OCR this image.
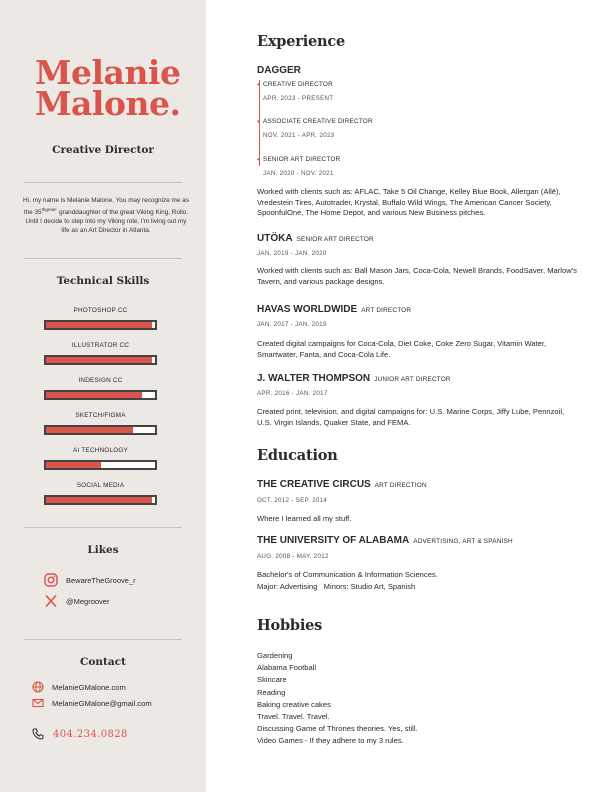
Melanie
Malone.
Creative Director
Hi, my name is Melanie Malone. You may recognize me as the $35^{thgreat-}$ granddaughter of the great Viking King, Rollo. Until I decide to step into my Viking role, I'm living out my life as an Art Director in Atlanta.
Technical Skills
PHOTOSHOP CC
ILLUSTRATOR CC
INDESIGN CC
SKETCH/FIGMA
AI TECHNOLOGY
SOCIAL MEDIA
Likes
BewareTheGroove_r
@Megroover
Contact
MelanieGMalone.com
MelanieGMalone@gmail.com
404.234.0828
Experience
DAGGER
•
•
•
CREATIVE DIRECTOR
APR. 2023 - PRESENT
ASSOCIATE CREATIVE DIRECTOR
NOV. 2021 - APR. 2023
SENIOR ART DIRECTOR
JAN. 2020 - NOV. 2021
Worked with clients such as: AFLAC, Take 5 Oil Change, Kelley Blue Book, Allergan (Allē), Vredestein Tires, Autotrader, Krystal, Buffalo Wild Wings, The American Cancer Society, SpoonfulOne, The Home Depot, and various New Business pitches.
UTÖKA SENIOR ART DIRECTOR
JAN. 2019 - JAN. 2020
Worked with clients such as: Ball Mason Jars, Coca-Cola, Newell Brands, FoodSaver, Marlow's Tavern, and various package designs.
HAVAS WORLDWIDE ART DIRECTOR
JAN. 2017 - JAN. 2019
Created digital campaigns for Coca-Cola, Diet Coke, Coke Zero Sugar, Vitamin Water, Smartwater, Fanta, and Coca-Cola Life.
J. WALTER THOMPSON JUNIOR ART DIRECTOR
APR. 2016 - JAN. 2017
Created print, television, and digital campaigns for: U.S. Marine Corps, Jiffy Lube, Pennzoil, U.S. Virgin Islands, Quaker State, and FEMA.
Education
THE CREATIVE CIRCUS ART DIRECTION
OCT. 2012 - SEP. 2014
Where I learned all my stuff.
THE UNIVERSITY OF ALABAMA ADVERTISING, ART & SPANISH
AUG. 2008 - MAY. 2012
Bachelor's of Communication & Information Sciences.
Major: Advertising   Minors: Studio Art, Spanish
Hobbies
Gardening
Alabama Football
Skincare
Reading
Baking creative cakes
Travel. Travel. Travel.
Discussing Game of Thrones theories. Yes, still.
Video Games - If they adhere to my 3 rules.
